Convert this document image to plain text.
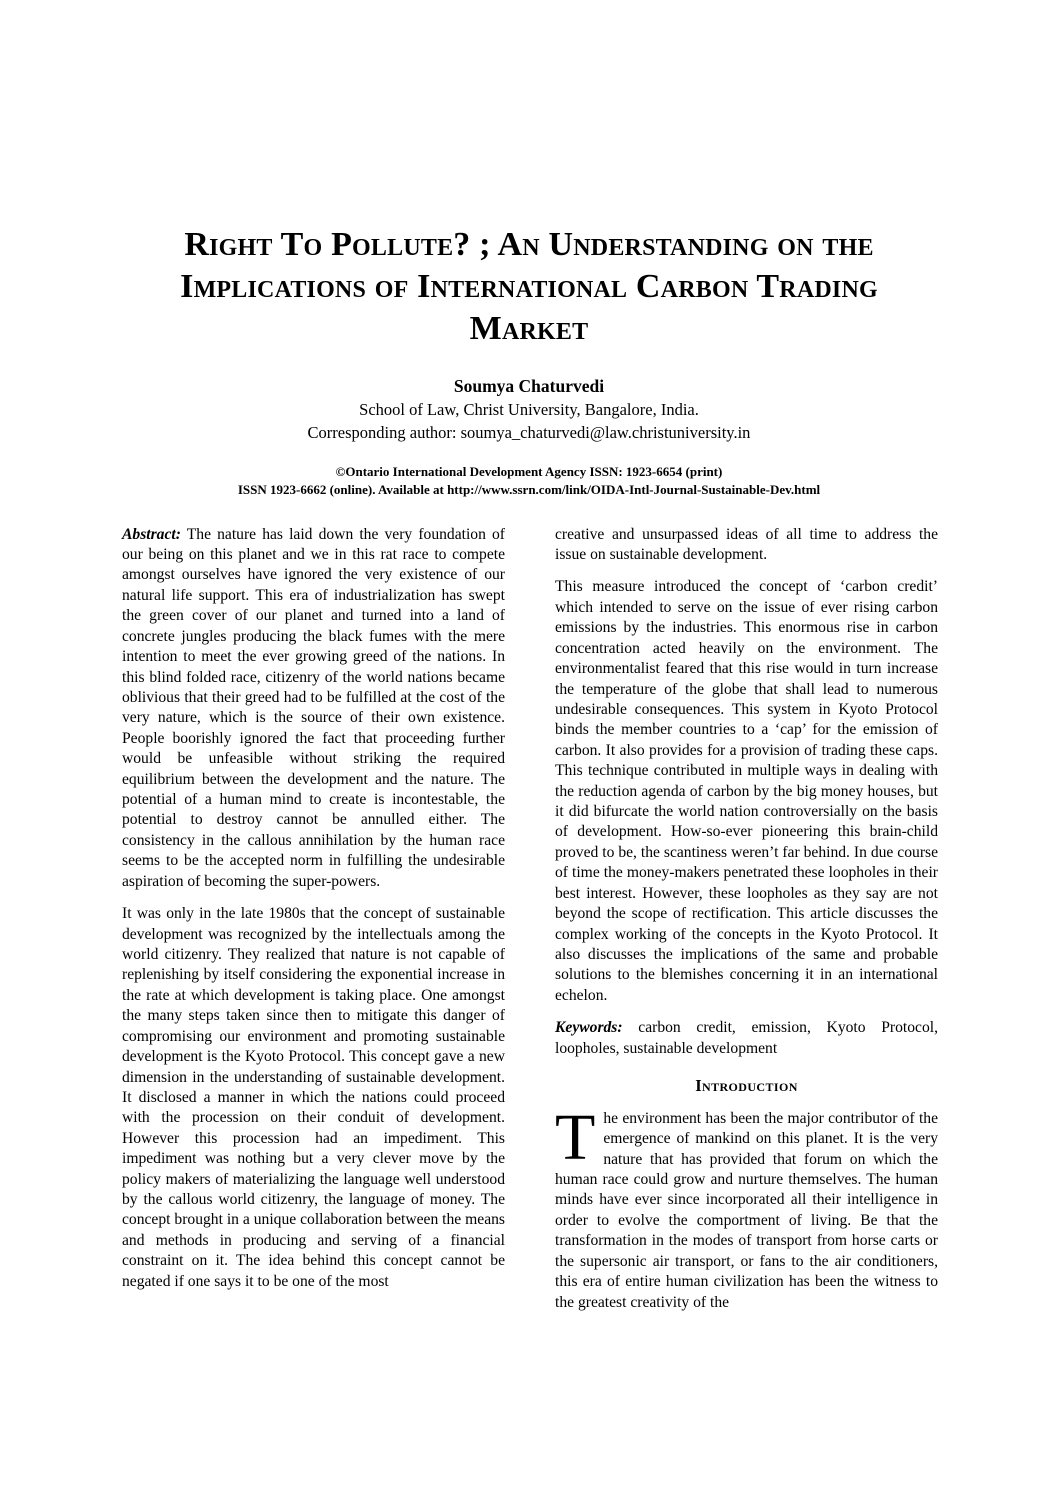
Right To Pollute? ; An Understanding on the Implications of International Carbon Trading Market
Soumya Chaturvedi
School of Law, Christ University, Bangalore, India.
Corresponding author: soumya_chaturvedi@law.christuniversity.in
©Ontario International Development Agency ISSN: 1923-6654 (print)
ISSN 1923-6662 (online). Available at http://www.ssrn.com/link/OIDA-Intl-Journal-Sustainable-Dev.html

Abstract: The nature has laid down the very foundation of our being on this planet and we in this rat race to compete amongst ourselves have ignored the very existence of our natural life support. This era of industrialization has swept the green cover of our planet and turned into a land of concrete jungles producing the black fumes with the mere intention to meet the ever growing greed of the nations. In this blind folded race, citizenry of the world nations became oblivious that their greed had to be fulfilled at the cost of the very nature, which is the source of their own existence. People boorishly ignored the fact that proceeding further would be unfeasible without striking the required equilibrium between the development and the nature. The potential of a human mind to create is incontestable, the potential to destroy cannot be annulled either. The consistency in the callous annihilation by the human race seems to be the accepted norm in fulfilling the undesirable aspiration of becoming the super-powers.

It was only in the late 1980s that the concept of sustainable development was recognized by the intellectuals among the world citizenry. They realized that nature is not capable of replenishing by itself considering the exponential increase in the rate at which development is taking place. One amongst the many steps taken since then to mitigate this danger of compromising our environment and promoting sustainable development is the Kyoto Protocol. This concept gave a new dimension in the understanding of sustainable development. It disclosed a manner in which the nations could proceed with the procession on their conduit of development. However this procession had an impediment. This impediment was nothing but a very clever move by the policy makers of materializing the language well understood by the callous world citizenry, the language of money. The concept brought in a unique collaboration between the means and methods in producing and serving of a financial constraint on it. The idea behind this concept cannot be negated if one says it to be one of the most

creative and unsurpassed ideas of all time to address the issue on sustainable development.

This measure introduced the concept of ‘carbon credit’ which intended to serve on the issue of ever rising carbon emissions by the industries. This enormous rise in carbon concentration acted heavily on the environment. The environmentalist feared that this rise would in turn increase the temperature of the globe that shall lead to numerous undesirable consequences. This system in Kyoto Protocol binds the member countries to a ‘cap’ for the emission of carbon. It also provides for a provision of trading these caps. This technique contributed in multiple ways in dealing with the reduction agenda of carbon by the big money houses, but it did bifurcate the world nation controversially on the basis of development. How-so-ever pioneering this brain-child proved to be, the scantiness weren’t far behind. In due course of time the money-makers penetrated these loopholes in their best interest. However, these loopholes as they say are not beyond the scope of rectification. This article discusses the complex working of the concepts in the Kyoto Protocol. It also discusses the implications of the same and probable solutions to the blemishes concerning it in an international echelon.

Keywords: carbon credit, emission, Kyoto Protocol, loopholes, sustainable development

Introduction

The environment has been the major contributor of the emergence of mankind on this planet. It is the very nature that has provided that forum on which the human race could grow and nurture themselves. The human minds have ever since incorporated all their intelligence in order to evolve the comportment of living. Be that the transformation in the modes of transport from horse carts or the supersonic air transport, or fans to the air conditioners, this era of entire human civilization has been the witness to the greatest creativity of the
